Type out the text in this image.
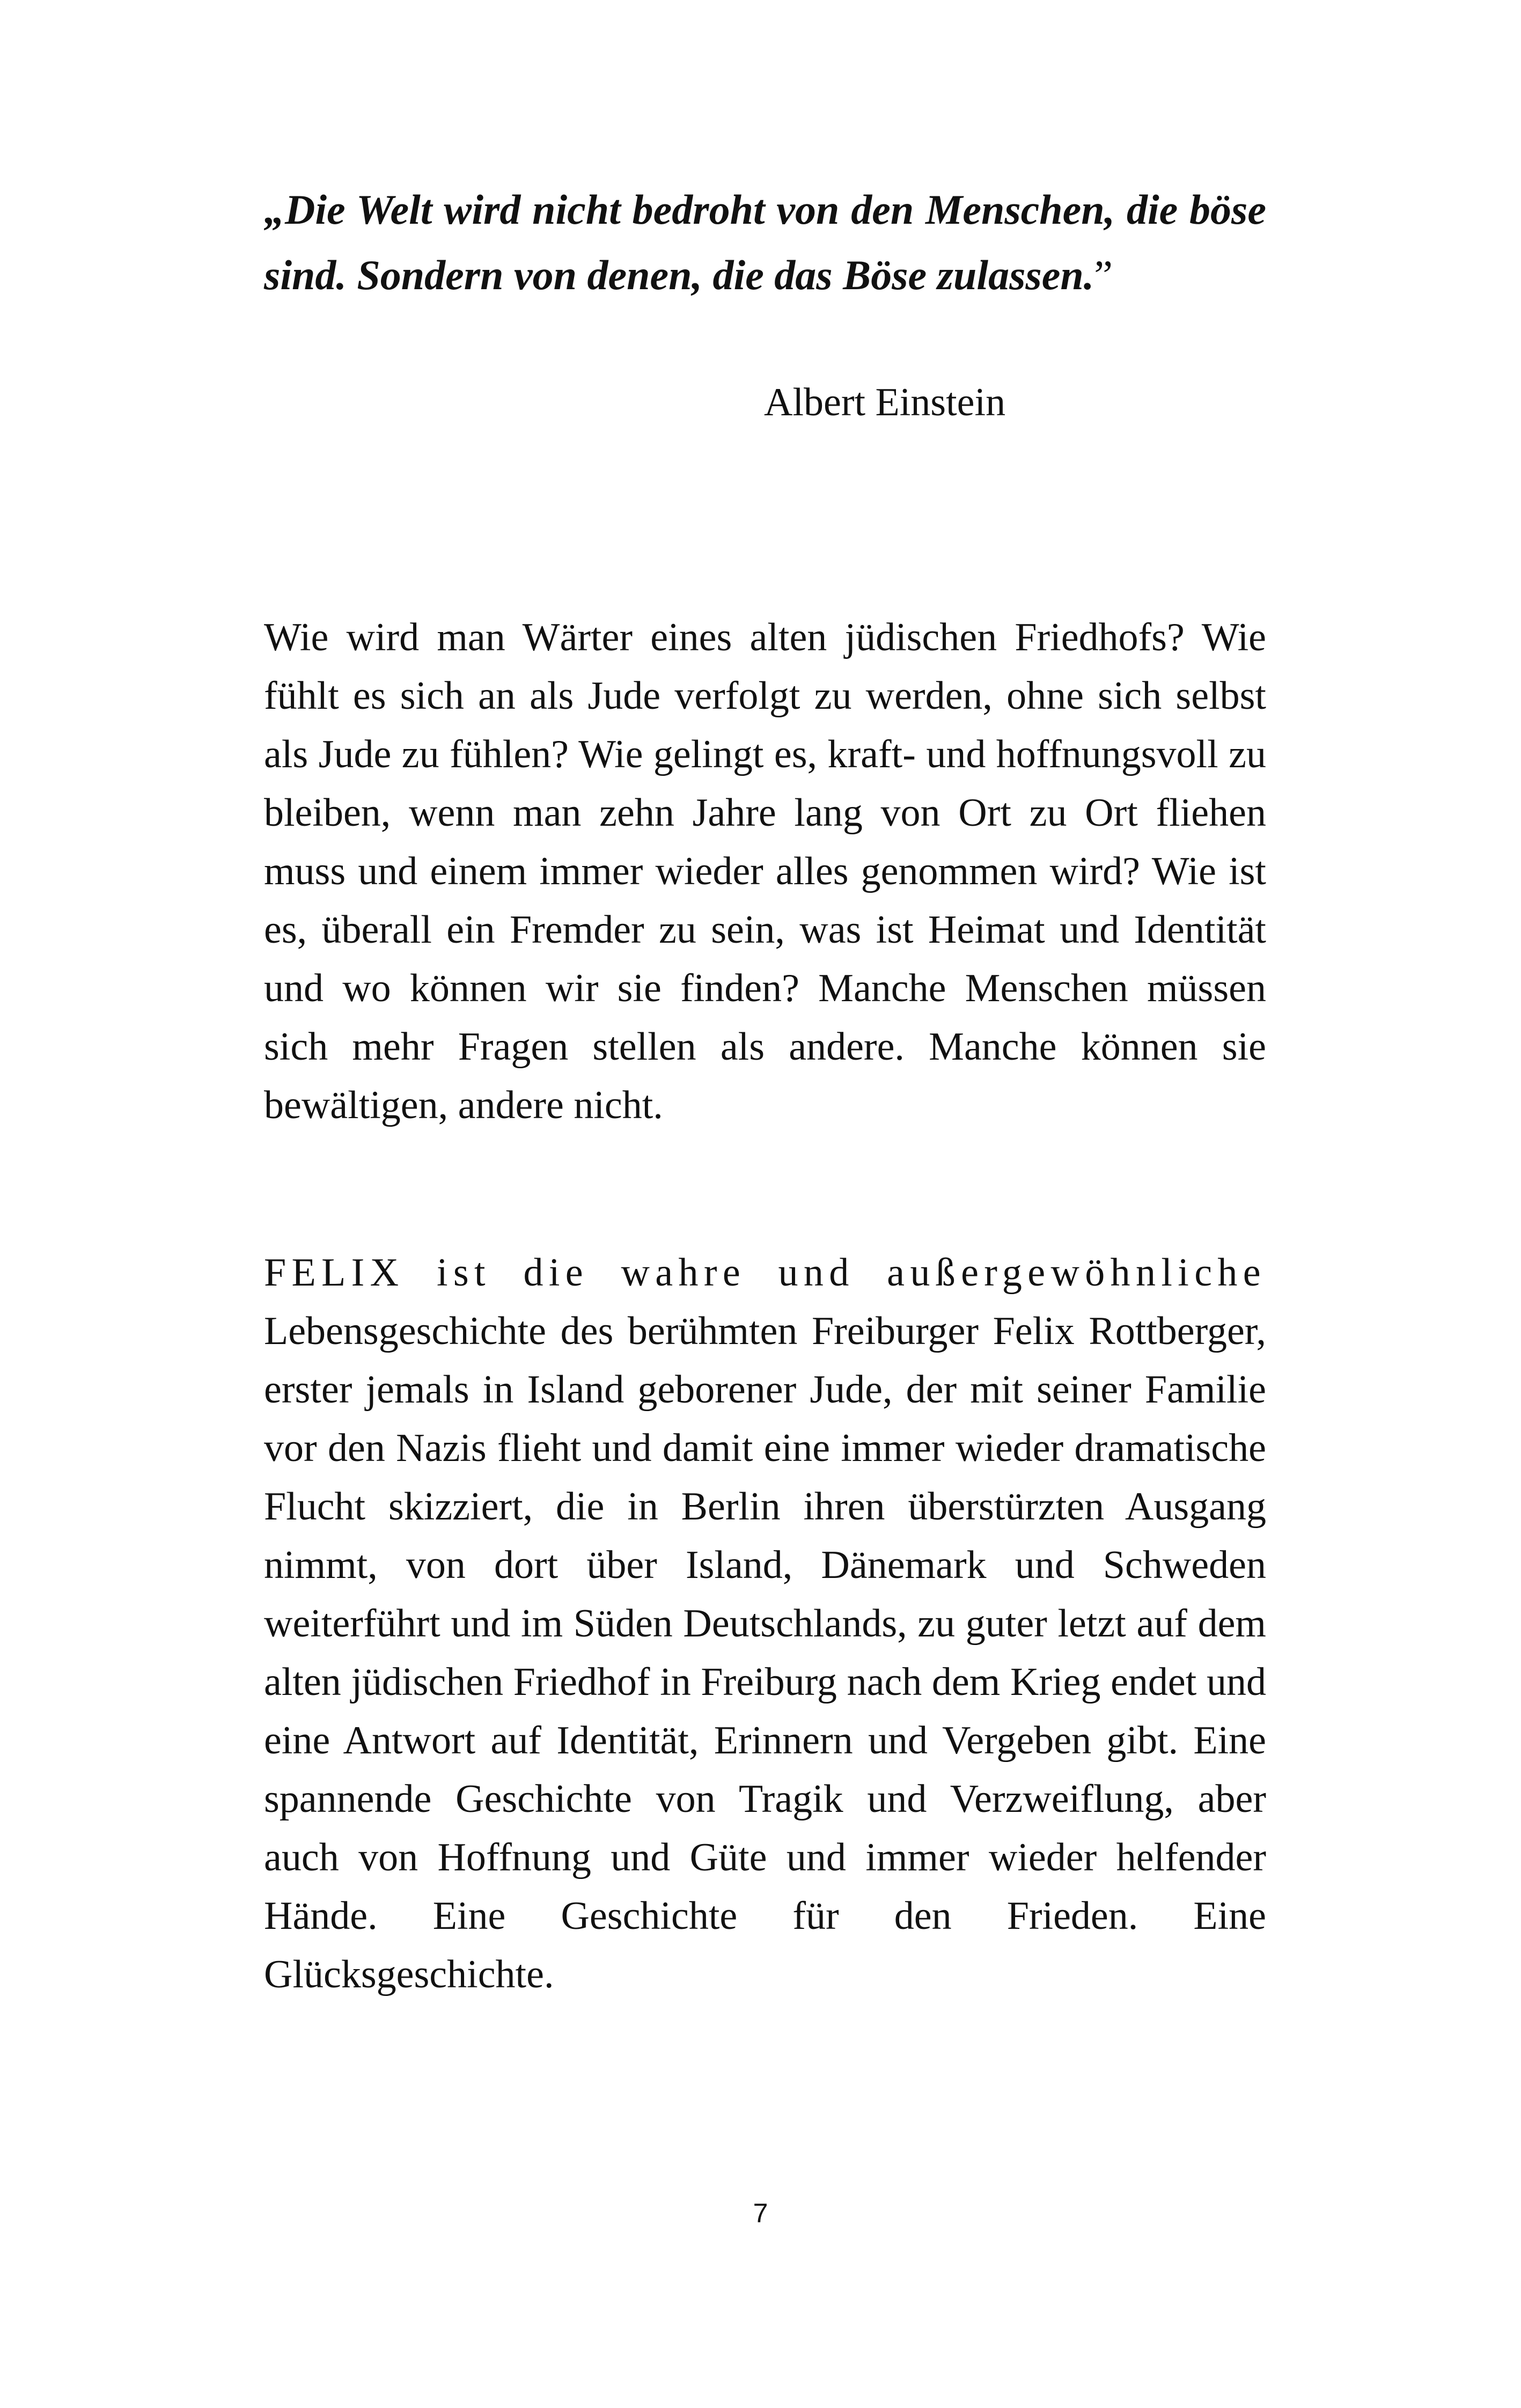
„Die Welt wird nicht bedroht von den Menschen, die böse sind. Sondern von denen, die das Böse zulassen.”

Albert Einstein

Wie wird man Wärter eines alten jüdischen Friedhofs? Wie fühlt es sich an als Jude verfolgt zu werden, ohne sich selbst als Jude zu fühlen? Wie gelingt es, kraft- und hoffnungsvoll zu bleiben, wenn man zehn Jahre lang von Ort zu Ort fliehen muss und einem immer wieder alles genommen wird? Wie ist es, überall ein Fremder zu sein, was ist Heimat und Identität und wo können wir sie finden? Manche Menschen müssen sich mehr Fragen stellen als andere. Manche können sie bewältigen, andere nicht.

FELIX ist die wahre und außergewöhnliche Lebensgeschichte des berühmten Freiburger Felix Rottberger, erster jemals in Island geborener Jude, der mit seiner Familie vor den Nazis flieht und damit eine immer wieder dramatische Flucht skizziert, die in Berlin ihren überstürzten Ausgang nimmt, von dort über Island, Dänemark und Schweden weiterführt und im Süden Deutschlands, zu guter letzt auf dem alten jüdischen Friedhof in Freiburg nach dem Krieg endet und eine Antwort auf Identität, Erinnern und Vergeben gibt. Eine spannende Geschichte von Tragik und Verzweiflung, aber auch von Hoffnung und Güte und immer wieder helfender Hände. Eine Geschichte für den Frieden. Eine Glücksgeschichte.

7
